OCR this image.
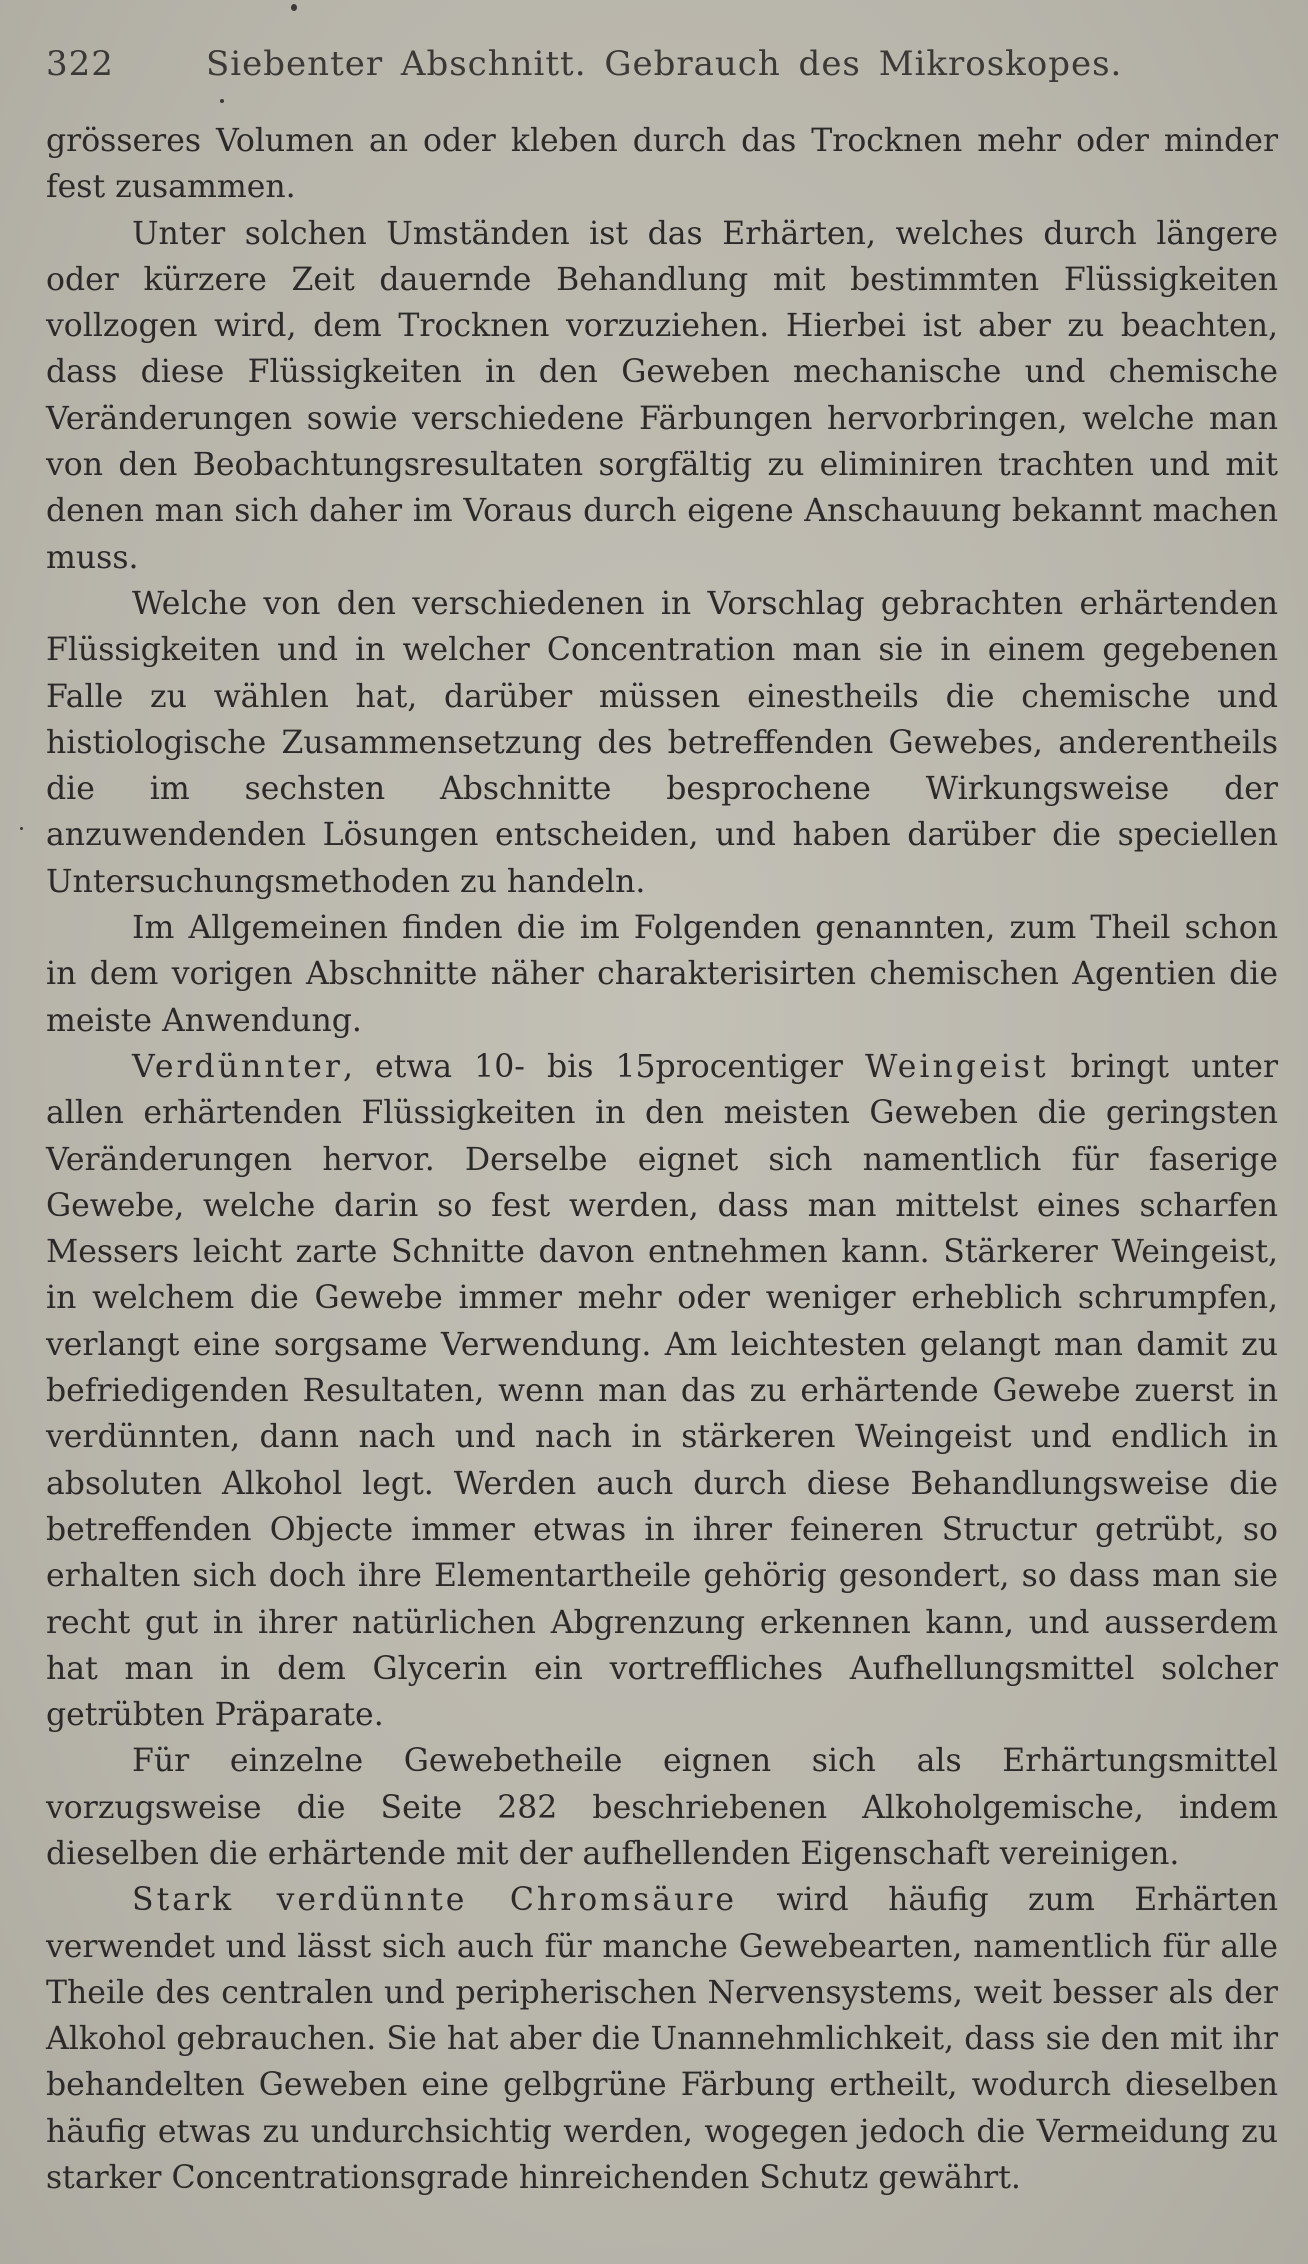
322	Siebenter Abschnitt. Gebrauch des Mikroskopes.

grösseres Volumen an oder kleben durch das Trocknen mehr oder minder fest zusammen.

Unter solchen Umständen ist das Erhärten, welches durch längere oder kürzere Zeit dauernde Behandlung mit bestimmten Flüssigkeiten vollzogen wird, dem Trocknen vorzuziehen. Hierbei ist aber zu beachten, dass diese Flüssigkeiten in den Geweben mechanische und chemische Veränderungen sowie verschiedene Färbungen hervorbringen, welche man von den Beobachtungsresultaten sorgfältig zu eliminiren trachten und mit denen man sich daher im Voraus durch eigene Anschauung bekannt machen muss.

Welche von den verschiedenen in Vorschlag gebrachten erhärtenden Flüssigkeiten und in welcher Concentration man sie in einem gegebenen Falle zu wählen hat, darüber müssen einestheils die chemische und histiologische Zusammensetzung des betreffenden Gewebes, anderentheils die im sechsten Abschnitte besprochene Wirkungsweise der anzuwendenden Lösungen entscheiden, und haben darüber die speciellen Untersuchungsmethoden zu handeln.

Im Allgemeinen finden die im Folgenden genannten, zum Theil schon in dem vorigen Abschnitte näher charakterisirten chemischen Agentien die meiste Anwendung.

Verdünnter, etwa 10- bis 15procentiger Weingeist bringt unter allen erhärtenden Flüssigkeiten in den meisten Geweben die geringsten Veränderungen hervor. Derselbe eignet sich namentlich für faserige Gewebe, welche darin so fest werden, dass man mittelst eines scharfen Messers leicht zarte Schnitte davon entnehmen kann. Stärkerer Weingeist, in welchem die Gewebe immer mehr oder weniger erheblich schrumpfen, verlangt eine sorgsame Verwendung. Am leichtesten gelangt man damit zu befriedigenden Resultaten, wenn man das zu erhärtende Gewebe zuerst in verdünnten, dann nach und nach in stärkeren Weingeist und endlich in absoluten Alkohol legt. Werden auch durch diese Behandlungsweise die betreffenden Objecte immer etwas in ihrer feineren Structur getrübt, so erhalten sich doch ihre Elementartheile gehörig gesondert, so dass man sie recht gut in ihrer natürlichen Abgrenzung erkennen kann, und ausserdem hat man in dem Glycerin ein vortreffliches Aufhellungsmittel solcher getrübten Präparate.

Für einzelne Gewebetheile eignen sich als Erhärtungsmittel vorzugsweise die Seite 282 beschriebenen Alkoholgemische, indem dieselben die erhärtende mit der aufhellenden Eigenschaft vereinigen.

Stark verdünnte Chromsäure wird häufig zum Erhärten verwendet und lässt sich auch für manche Gewebearten, namentlich für alle Theile des centralen und peripherischen Nervensystems, weit besser als der Alkohol gebrauchen. Sie hat aber die Unannehmlichkeit, dass sie den mit ihr behandelten Geweben eine gelbgrüne Färbung ertheilt, wodurch dieselben häufig etwas zu undurchsichtig werden, wogegen jedoch die Vermeidung zu starker Concentrationsgrade hinreichenden Schutz gewährt.
